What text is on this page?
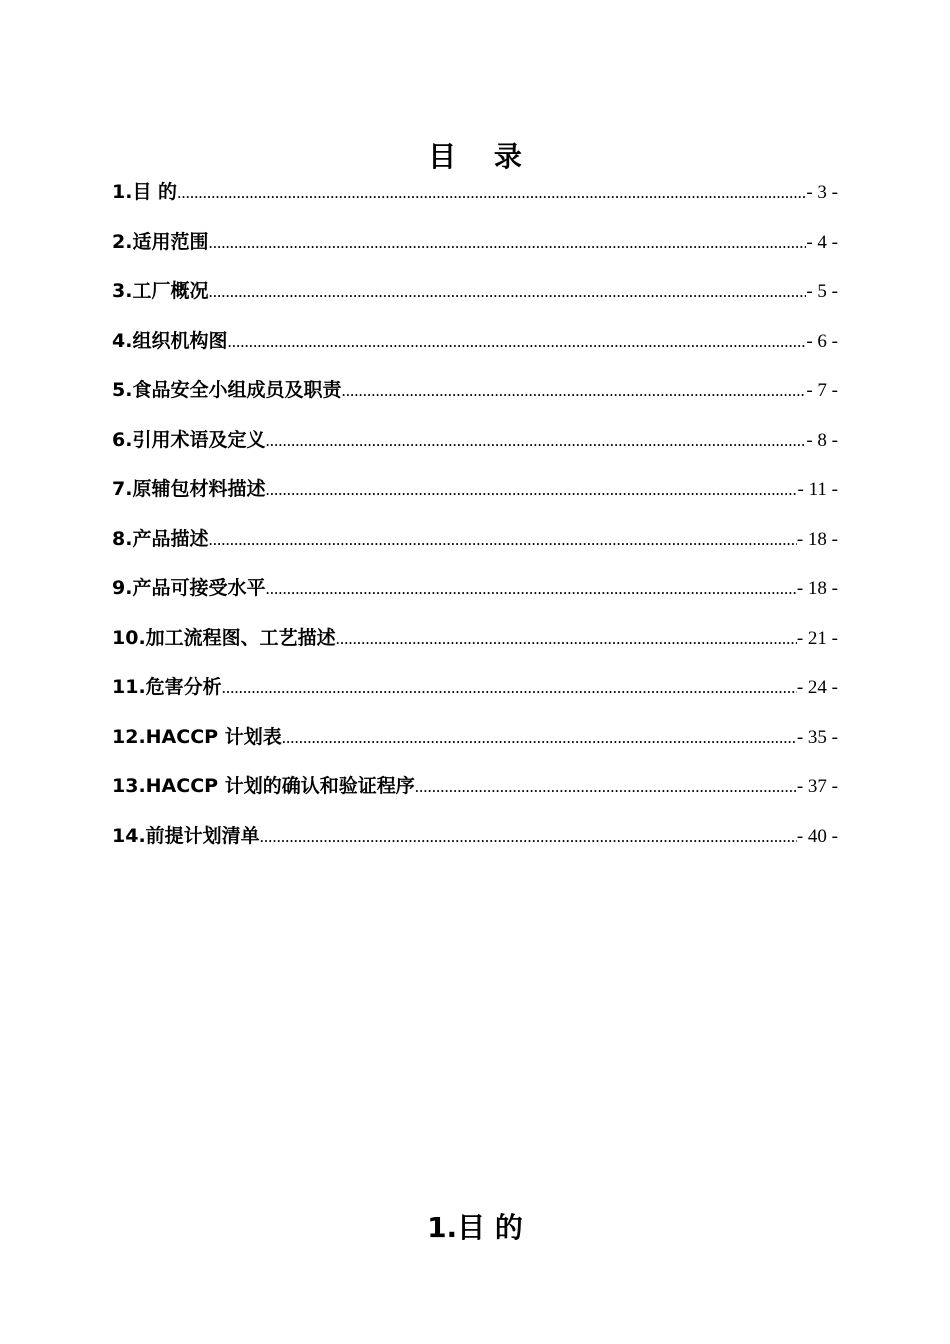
目 录
1.目 的 .....	- 3 -
2.适用范围 .....	- 4 -
3.工厂概况 .....	- 5 -
4.组织机构图 .....	- 6 -
5.食品安全小组成员及职责 .....	- 7 -
6.引用术语及定义 .....	- 8 -
7.原辅包材料描述 .....	- 11 -
8.产品描述 .....	- 18 -
9.产品可接受水平 .....	- 18 -
10.加工流程图、工艺描述 .....	- 21 -
11.危害分析 .....	- 24 -
12.HACCP 计划表 .....	- 35 -
13.HACCP 计划的确认和验证程序 .....	- 37 -
14.前提计划清单 .....	- 40 -
1.目 的
